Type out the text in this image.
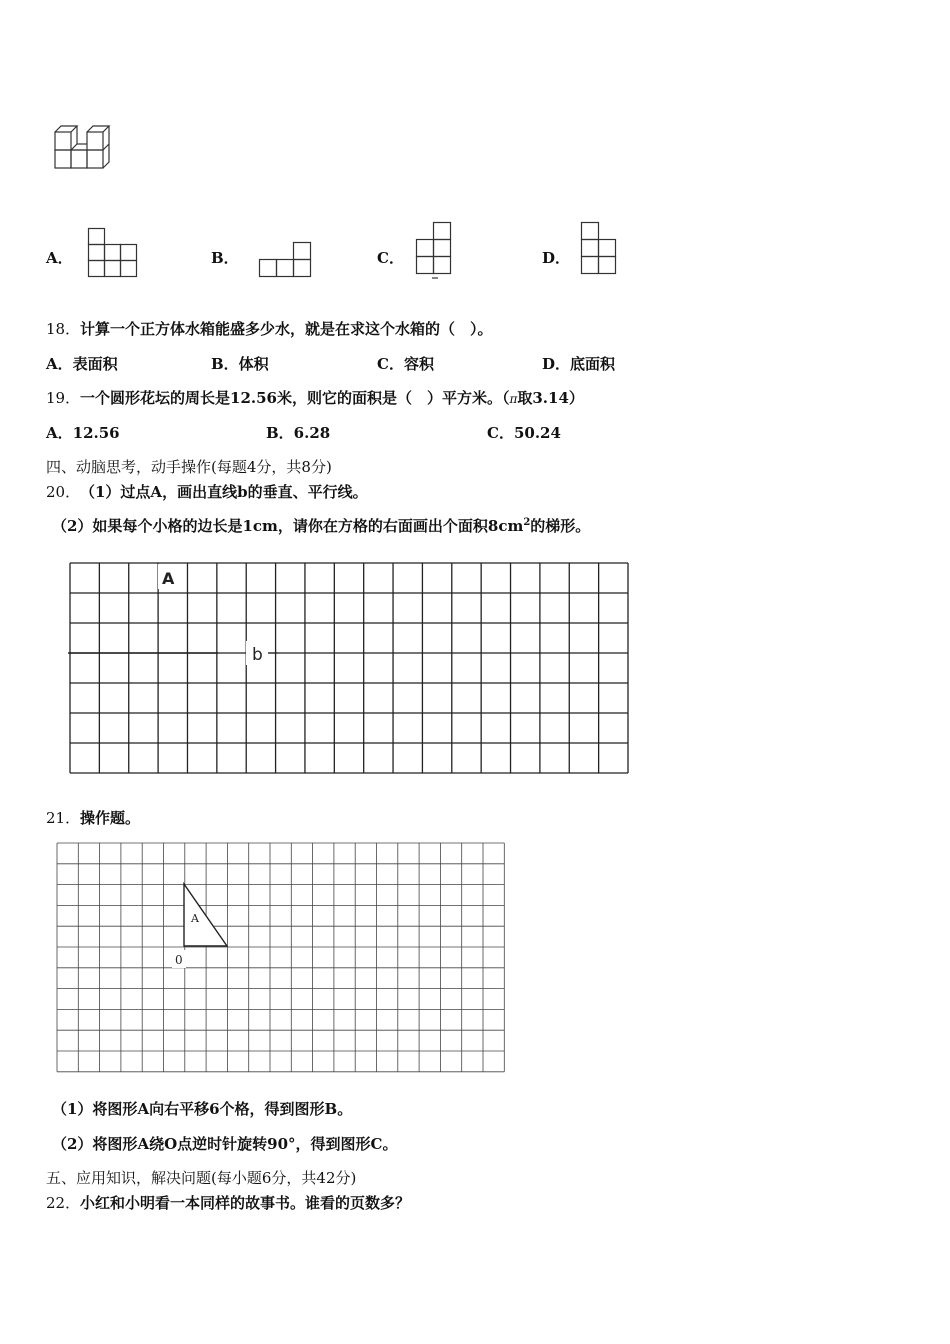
A．	B．	C．	D．
18． 计算一个正方体水箱能盛多少水，就是在求这个水箱的（　）。
A．表面积	B．体积	C．容积	D．底面积
19． 一个圆形花坛的周长是12.56米，则它的面积是（　）平方米。（π取3.14）
A．12.56	B．6.28	C．50.24
四、动脑思考，动手操作(每题4分，共8分)
20． （1）过点A，画出直线b的垂直、平行线。
（2）如果每个小格的边长是1cm，请你在方格的右面画出个面积$8cm^2$的梯形。
A
b
21． 操作题。
A
0
（1）将图形A向右平移6个格，得到图形B。
（2）将图形A绕O点逆时针旋转90°，得到图形C。
五、应用知识，解决问题(每小题6分，共42分)
22． 小红和小明看一本同样的故事书。谁看的页数多？
